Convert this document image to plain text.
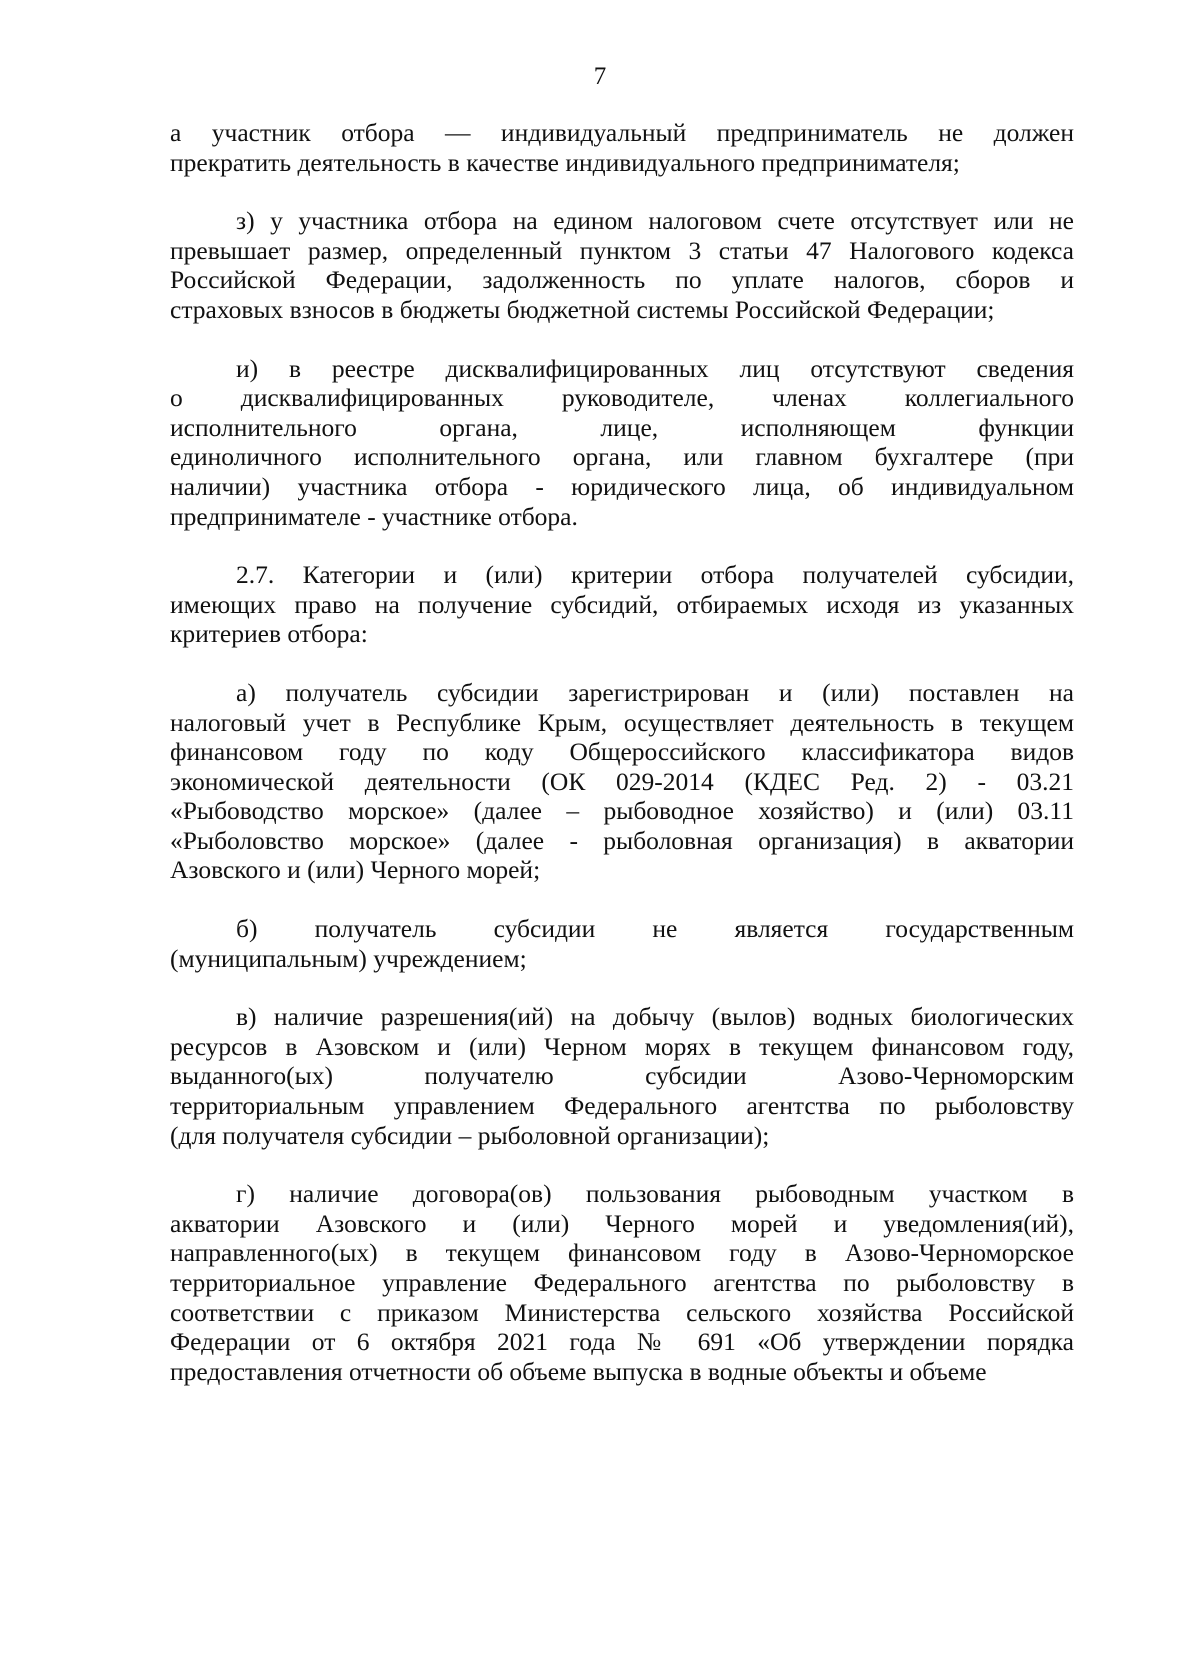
7

а участник отбора — индивидуальный предприниматель не должен
прекратить деятельность в качестве индивидуального предпринимателя;

з) у участника отбора на едином налоговом счете отсутствует или не
превышает размер, определенный пунктом 3 статьи 47 Налогового кодекса
Российской Федерации, задолженность по уплате налогов, сборов и
страховых взносов в бюджеты бюджетной системы Российской Федерации;

и) в реестре дисквалифицированных лиц отсутствуют сведения
о дисквалифицированных руководителе, членах коллегиального
исполнительного органа, лице, исполняющем функции
единоличного исполнительного органа, или главном бухгалтере (при
наличии) участника отбора - юридического лица, об индивидуальном
предпринимателе - участнике отбора.

2.7. Категории и (или) критерии отбора получателей субсидии,
имеющих право на получение субсидий, отбираемых исходя из указанных
критериев отбора:

а) получатель субсидии зарегистрирован и (или) поставлен на
налоговый учет в Республике Крым, осуществляет деятельность в текущем
финансовом году по коду Общероссийского классификатора видов
экономической деятельности (ОК 029-2014 (КДЕС Ред. 2) - 03.21
«Рыбоводство морское» (далее – рыбоводное хозяйство) и (или) 03.11
«Рыболовство морское» (далее - рыболовная организация) в акватории
Азовского и (или) Черного морей;

б) получатель субсидии не является государственным
(муниципальным) учреждением;

в) наличие разрешения(ий) на добычу (вылов) водных биологических
ресурсов в Азовском и (или) Черном морях в текущем финансовом году,
выданного(ых) получателю субсидии Азово-Черноморским
территориальным управлением Федерального агентства по рыболовству
(для получателя субсидии – рыболовной организации);

г) наличие договора(ов) пользования рыбоводным участком в
акватории Азовского и (или) Черного морей и уведомления(ий),
направленного(ых) в текущем финансовом году в Азово-Черноморское
территориальное управление Федерального агентства по рыболовству в
соответствии с приказом Министерства сельского хозяйства Российской
Федерации от 6 октября 2021 года № 691 «Об утверждении порядка
предоставления отчетности об объеме выпуска в водные объекты и объеме
